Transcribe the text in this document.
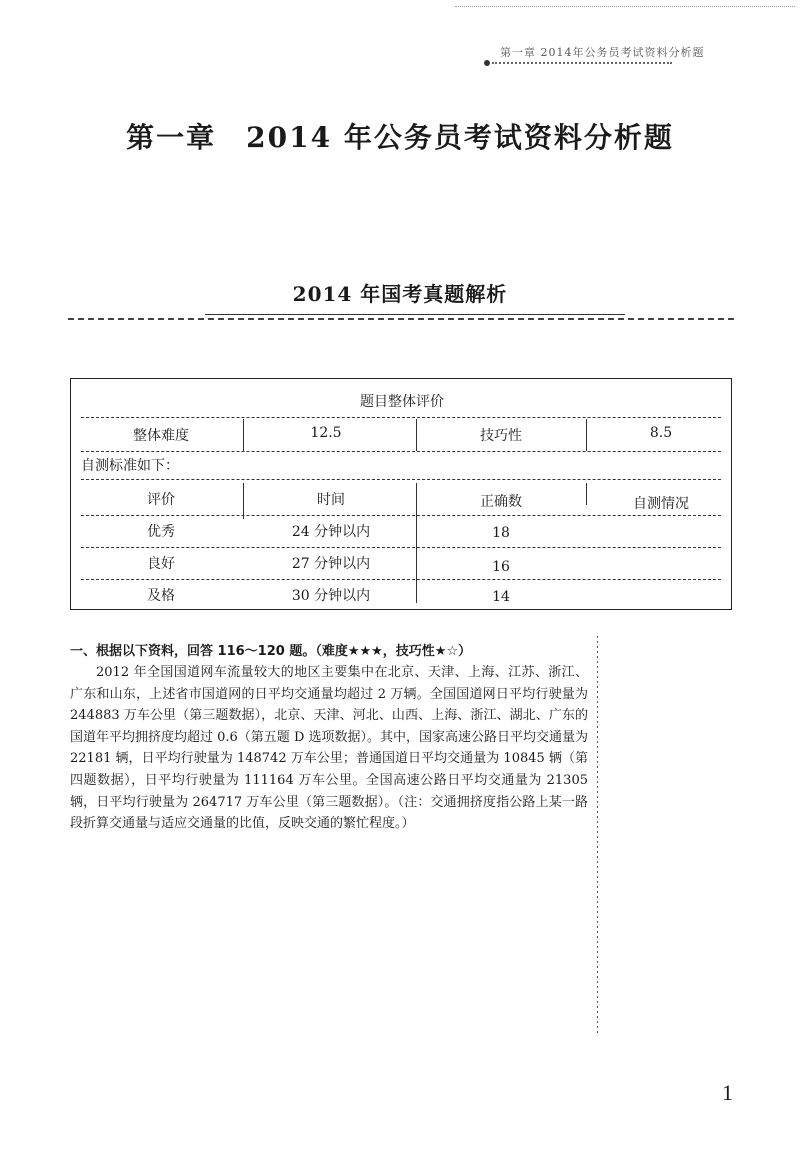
第一章 2014年公务员考试资料分析题
第一章　2014 年公务员考试资料分析题
2014 年国考真题解析
题目整体评价
整体难度	12.5	技巧性	8.5
自测标准如下：
评价	时间	正确数	自测情况
优秀	24 分钟以内	18
良好	27 分钟以内	16
及格	30 分钟以内	14
一、根据以下资料，回答 116～120 题。（难度★★★，技巧性★☆）

2012 年全国国道网车流量较大的地区主要集中在北京、天津、上海、江苏、浙江、广东和山东，上述省市国道网的日平均交通量均超过 2 万辆。全国国道网日平均行驶量为 244883 万车公里（第三题数据），北京、天津、河北、山西、上海、浙江、湖北、广东的国道年平均拥挤度均超过 0.6（第五题 D 选项数据）。其中，国家高速公路日平均交通量为 22181 辆，日平均行驶量为 148742 万车公里；普通国道日平均交通量为 10845 辆（第四题数据），日平均行驶量为 111164 万车公里。全国高速公路日平均交通量为 21305 辆，日平均行驶量为 264717 万车公里（第三题数据）。（注：交通拥挤度指公路上某一路段折算交通量与适应交通量的比值，反映交通的繁忙程度。）

1
